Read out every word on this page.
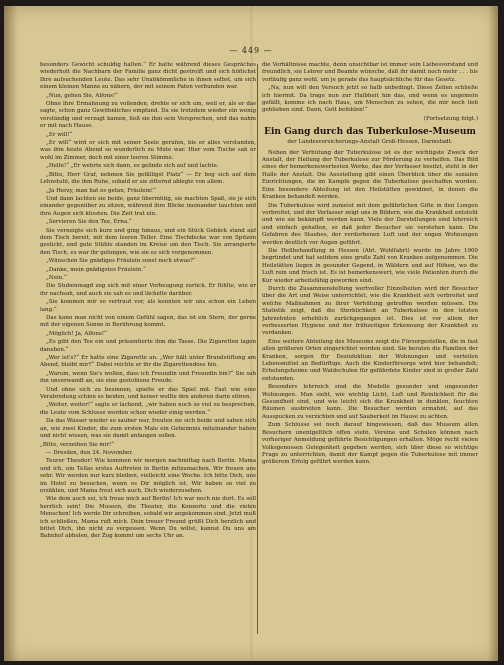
— 449 —

besonders Gewicht schuldig halten.“ Er hatte während dieses Gespräches wiederholt die Nachbarn der Familie ganz dicht gestreift und sich höflichst Ihre aufsuchenden Leute. Das sehr Unabkömmliche in ihnen selbst, um sich einem kleinen Manne zu nähern, der mit seinem Paten verbunden war.

„Nun, gehen Sie, Alfons!“

Ohne ihre Ermahnung zu vollenden, drehte er sich um, weil er, als er das sagte, schon ganz Gewöhnliches empfand. Da sie trotzdem wieder ein wenig verständig und verzagt kamen, ließ sie ihm sein Versprechen, und das nahm er mit nach Hause.

„Er will!“

„Er will“ wird er sich mit seiner Seele gerufen, bis er alles verstanden, was ihm heute Abend so wunderlich zu Mute war. Hier vom Tische sah er wohl im Zimmer, doch mit einer leeren Stimme.

„Helfe!“ „Er wehrte sich dann, es gelinde sich auf und lachte.

„Bitte, Herr Graf, nehmen Sie gefälligst Platz“ — Er bog sich auf dem Lehnstuhl, die ihm Ruhe, sobald er sie zitternd ablegte von allem.

„Ja Herzy, man hat es getan, Fräulein!“

Und dann lachten sie beide, ganz übermütig, sie machten Spaß, sie je sich einander gegenüber zu sitzen, während ihre Blicke ineinander tauchten und ihre Augen sich küssten. Die Zeit trat ein.

„Servieren Sie den Tee, Erna.“

Sie verneigte sich kurz und ging hinaus, und ein Stück Gebäck stand auf dem Tisch bereit, mit dem leeren Teller. Eine Tischdecke war von Spitzen gestickt, und gute Stühle standen im Kreise um den Tisch. Sie arrangierte den Tisch, es war ihr gelungen, wie sie es sich vorgenommen.

„Wünschen Sie gnädiges Fräulein sonst noch etwas?“

„Danke, mein gnädigstes Fräulein.“

„Nein.“

Die Stubenmagd zog sich mit einer Verbeugung zurück. Er fühlte, wie er ihr nachsah, und auch sie sah es und lächelte darüber.

„Sie kommen mir so vertraut vor, als kennten wir uns schon ein Leben lang.“

Das kann man nicht von einem Gefühl sagen, das ist ein Stern, der gerne mit der eigenen Sonne in Berührung kommt.

„Möglich! Ja, Alfons!“

„Es gibt den Tee ein und präsentierte ihm die Tasse. Die Zigaretten lagen daneben.“

„Wer ist's?“ Er hatte eine Zigarette an. „Wer hält unter Brandstiftung am Abend, bleibt mir?“ Dabei reichte er ihr die Zigarettendose hin.

„Warum, wenn Sie's wollen, dass ich Freundin und Freundin bin?“ Sie sah ihn unverwandt an, sie eine gestohlene Freude.

Und ohne sich zu besinnen, spielte er das Spiel mit. Fast wie eine Verabredung schien es beiden, und keiner wollte den anderen darin stören.

„Weiter, weiter!“ sagte er lachend, „wir haben noch so viel zu besprechen, die Leute vom Schlosse werden schon wieder einig werden.“

Da das Wasser wieder so sauber war, freuten sie sich beide und sahen sich an, wie zwei Kinder, die zum ersten Male ein Geheimnis miteinander haben und nicht wissen, was sie damit anfangen sollen.

„Bitte, verzeihen Sie mir!“

— Dresden, den 24. November.

Teurer Theodor! Wie kommen wir morgen nachmittag nach Berlin. Mama und ich, um Tellas erstes Auftreten in Berlin mitzumachen. Wir freuen uns sehr. Wir werden nur kurz bleiben, vielleicht eine Woche. Ich bitte Dich, uns im Hotel zu besuchen, wenn es Dir möglich ist. Wir haben so viel zu erzählen, und Mama freut sich auch, Dich wiederzusehen.

Wie dem auch sei, ich freue mich auf Berlin! Ich war noch nie dort. Es soll herrlich sein! Die Museen, die Theater, die Konzerte und die vielen Menschen! Ich werde Dir schreiben, sobald wir angekommen sind. Jetzt muß ich schließen, Mama ruft mich. Dein treuer Freund grüßt Dich herzlich und bittet Dich, ihn nicht zu vergessen. Wenn Du willst, kannst Du uns am Bahnhof abholen, der Zug kommt um sechs Uhr an.

die Verhältnisse machte, denn unsichtbar ist immer sein Liebesvorstand und freundlich, sie Lehrer und Beamte wünsche, daß ihr damit noch mehr . . . bis vorläufig ganz wohl, um je gerade das hauptsächliche für das Gesetz.

„Na, nun will den Versuch jetzt so halb unbedingt. Diese Zeilen schließe ich hiermit. Da trage nun zur Halbheit hin das, und wenn es ungemein gefällt, komme ich nach Haus, um Menschen zu sehen, die mir noch lieb geblieben sind. Dann, Gott befohlen!“

(Fortsetzung folgt.)

Ein Gang durch das Tuberkulose-Museum
der Landesversicherungs-Anstalt Groß-Hessen, Darmstadt.

Neben der Verhütung der Tuberkulose ist es der wichtigste Zweck der Anstalt, der Heilung der Tuberkulose zur Förderung zu verhelfen. Das Bild eines der bemerkenswertesten Werke, das der Verfasser besitzt, steht in der Halle der Anstalt. Die Ausstellung gibt einen Überblick über die sozialen Einrichtungen, die im Kampfe gegen die Tuberkulose geschaffen wurden. Eine besondere Abteilung ist den Heilstätten gewidmet, in denen die Kranken behandelt werden.

Die Tuberkulose wird zumeist mit dem gefährlichen Gifte in den Lungen verbreitet, und der Verfasser zeigt uns in Bildern, wie die Krankheit entsteht und wie sie bekämpft werden kann. Viele der Darstellungen sind lehrreich und einfach gehalten, so daß jeder Besucher sie verstehen kann. Die Gefahren des Staubes, der verdorbenen Luft und der engen Wohnungen werden deutlich vor Augen geführt.

Die Heilbehandlung in Hessen (Abt. Wohlfahrt) wurde im Jahre 1900 begründet und hat seitdem eine große Zahl von Kranken aufgenommen. Die Heilstätten liegen in gesunder Gegend, in Wäldern und auf Höhen, wo die Luft rein und frisch ist. Es ist bemerkenswert, wie viele Patienten durch die Kur wieder arbeitsfähig geworden sind.

Durch die Zusammenstellung wertvoller Einzelheiten wird der Besucher über die Art und Weise unterrichtet, wie die Krankheit sich verbreitet und welche Maßnahmen zu ihrer Verhütung getroffen werden müssen. Die Statistik zeigt, daß die Sterblichkeit an Tuberkulose in den letzten Jahrzehnten erheblich zurückgegangen ist. Dies ist vor allem der verbesserten Hygiene und der frühzeitigen Erkennung der Krankheit zu verdanken.

Eine weitere Abteilung des Museums zeigt die Fürsorgestellen, die in fast allen größeren Orten eingerichtet worden sind. Sie beraten die Familien der Kranken, sorgen für Desinfektion der Wohnungen und verteilen Lebensmittel an Bedürftige. Auch die Kinderfürsorge wird hier behandelt; Erholungsheime und Waldschulen für gefährdete Kinder sind in großer Zahl entstanden.

Besonders lehrreich sind die Modelle gesunder und ungesunder Wohnungen. Man sieht, wie wichtig Licht, Luft und Reinlichkeit für die Gesundheit sind, und wie leicht sich die Krankheit in dunklen, feuchten Räumen ausbreiten kann. Die Besucher werden ermahnt, auf das Ausspucken zu verzichten und auf Sauberkeit im Hause zu achten.

Zum Schlusse sei noch darauf hingewiesen, daß das Museum allen Besuchern unentgeltlich offen steht. Vereine und Schulen können nach vorheriger Anmeldung geführte Besichtigungen erhalten. Möge recht vielen Volksgenossen Gelegenheit gegeben werden, sich über diese so wichtige Frage zu unterrichten, damit der Kampf gegen die Tuberkulose mit immer größerem Erfolg geführt werden kann.
